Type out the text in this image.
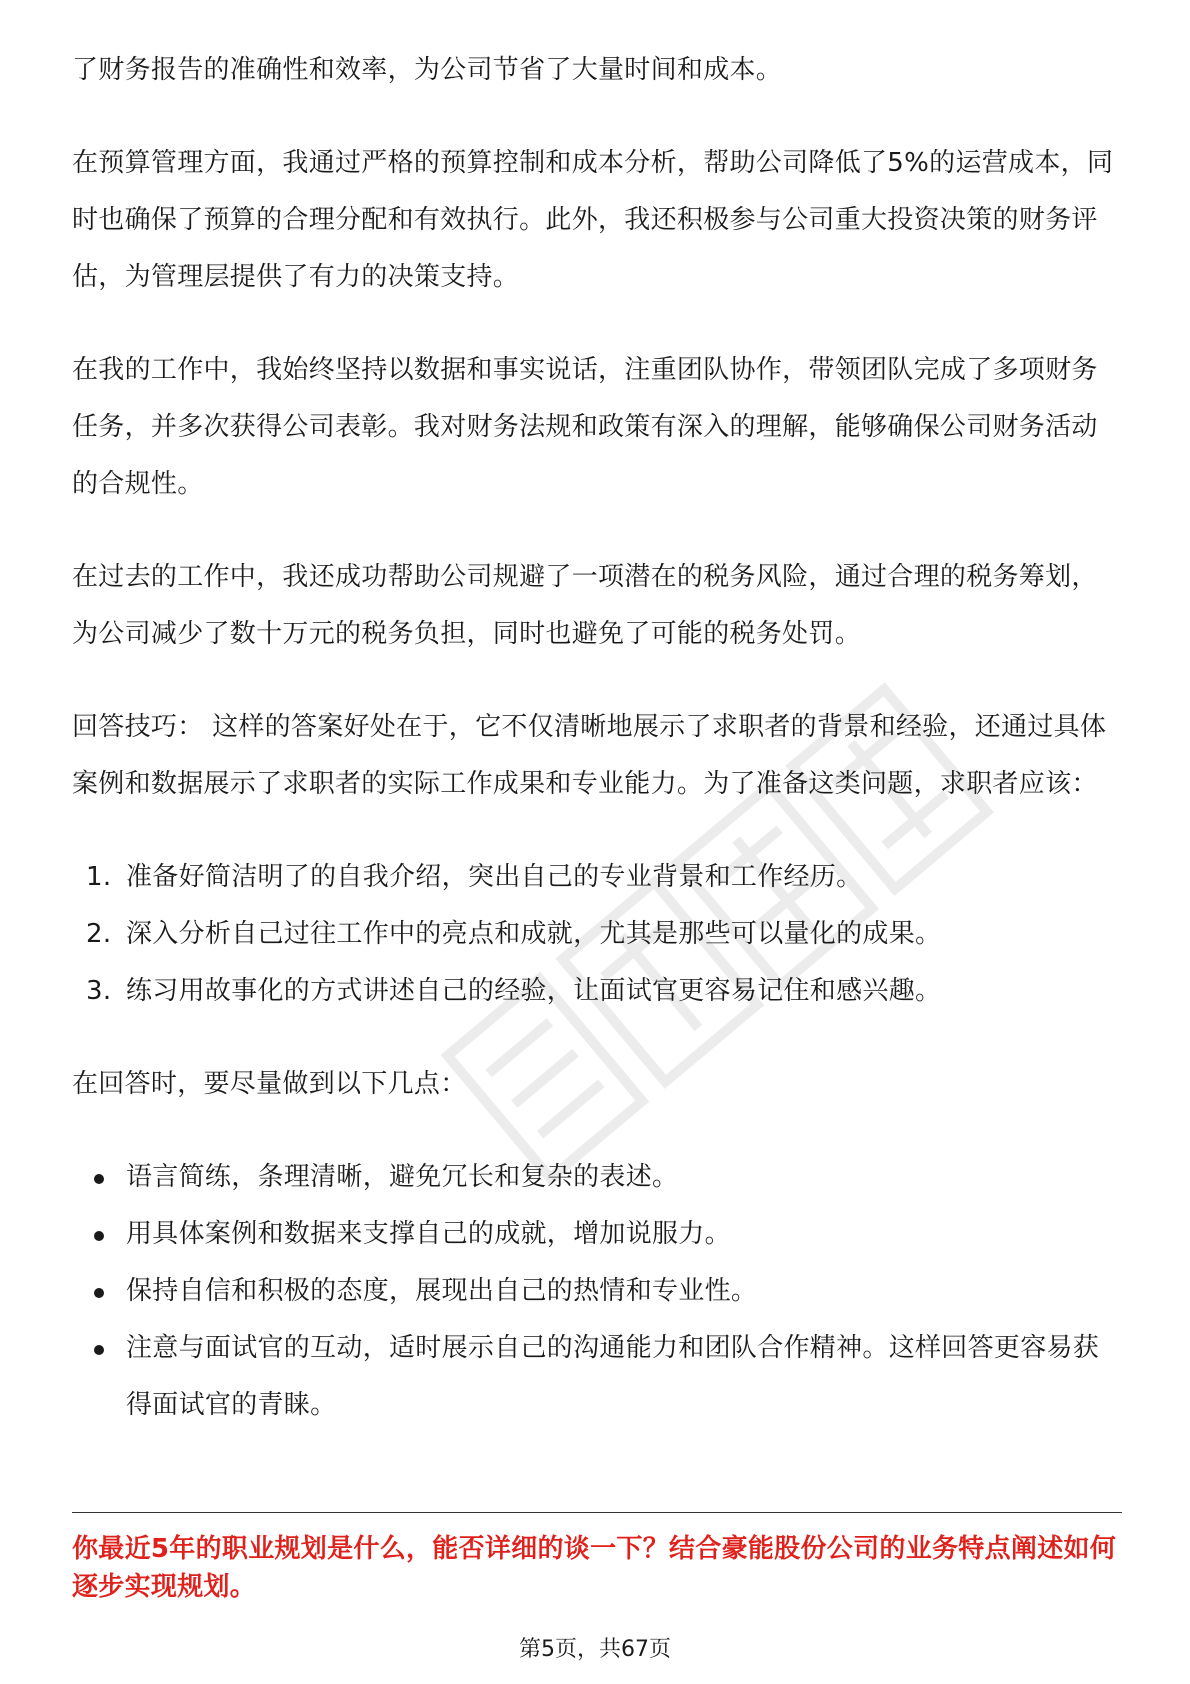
了财务报告的准确性和效率，为公司节省了大量时间和成本。

在预算管理方面，我通过严格的预算控制和成本分析，帮助公司降低了5%的运营成本，同时也确保了预算的合理分配和有效执行。此外，我还积极参与公司重大投资决策的财务评估，为管理层提供了有力的决策支持。

在我的工作中，我始终坚持以数据和事实说话，注重团队协作，带领团队完成了多项财务任务，并多次获得公司表彰。我对财务法规和政策有深入的理解，能够确保公司财务活动的合规性。

在过去的工作中，我还成功帮助公司规避了一项潜在的税务风险，通过合理的税务筹划，为公司减少了数十万元的税务负担，同时也避免了可能的税务处罚。

回答技巧： 这样的答案好处在于，它不仅清晰地展示了求职者的背景和经验，还通过具体案例和数据展示了求职者的实际工作成果和专业能力。为了准备这类问题，求职者应该：

1. 准备好简洁明了的自我介绍，突出自己的专业背景和工作经历。
2. 深入分析自己过往工作中的亮点和成就，尤其是那些可以量化的成果。
3. 练习用故事化的方式讲述自己的经验，让面试官更容易记住和感兴趣。

在回答时，要尽量做到以下几点：

语言简练，条理清晰，避免冗长和复杂的表述。
用具体案例和数据来支撑自己的成就，增加说服力。
保持自信和积极的态度，展现出自己的热情和专业性。
注意与面试官的互动，适时展示自己的沟通能力和团队合作精神。这样回答更容易获得面试官的青睐。
你最近5年的职业规划是什么，能否详细的谈一下？结合豪能股份公司的业务特点阐述如何逐步实现规划。
第5页，共67页
